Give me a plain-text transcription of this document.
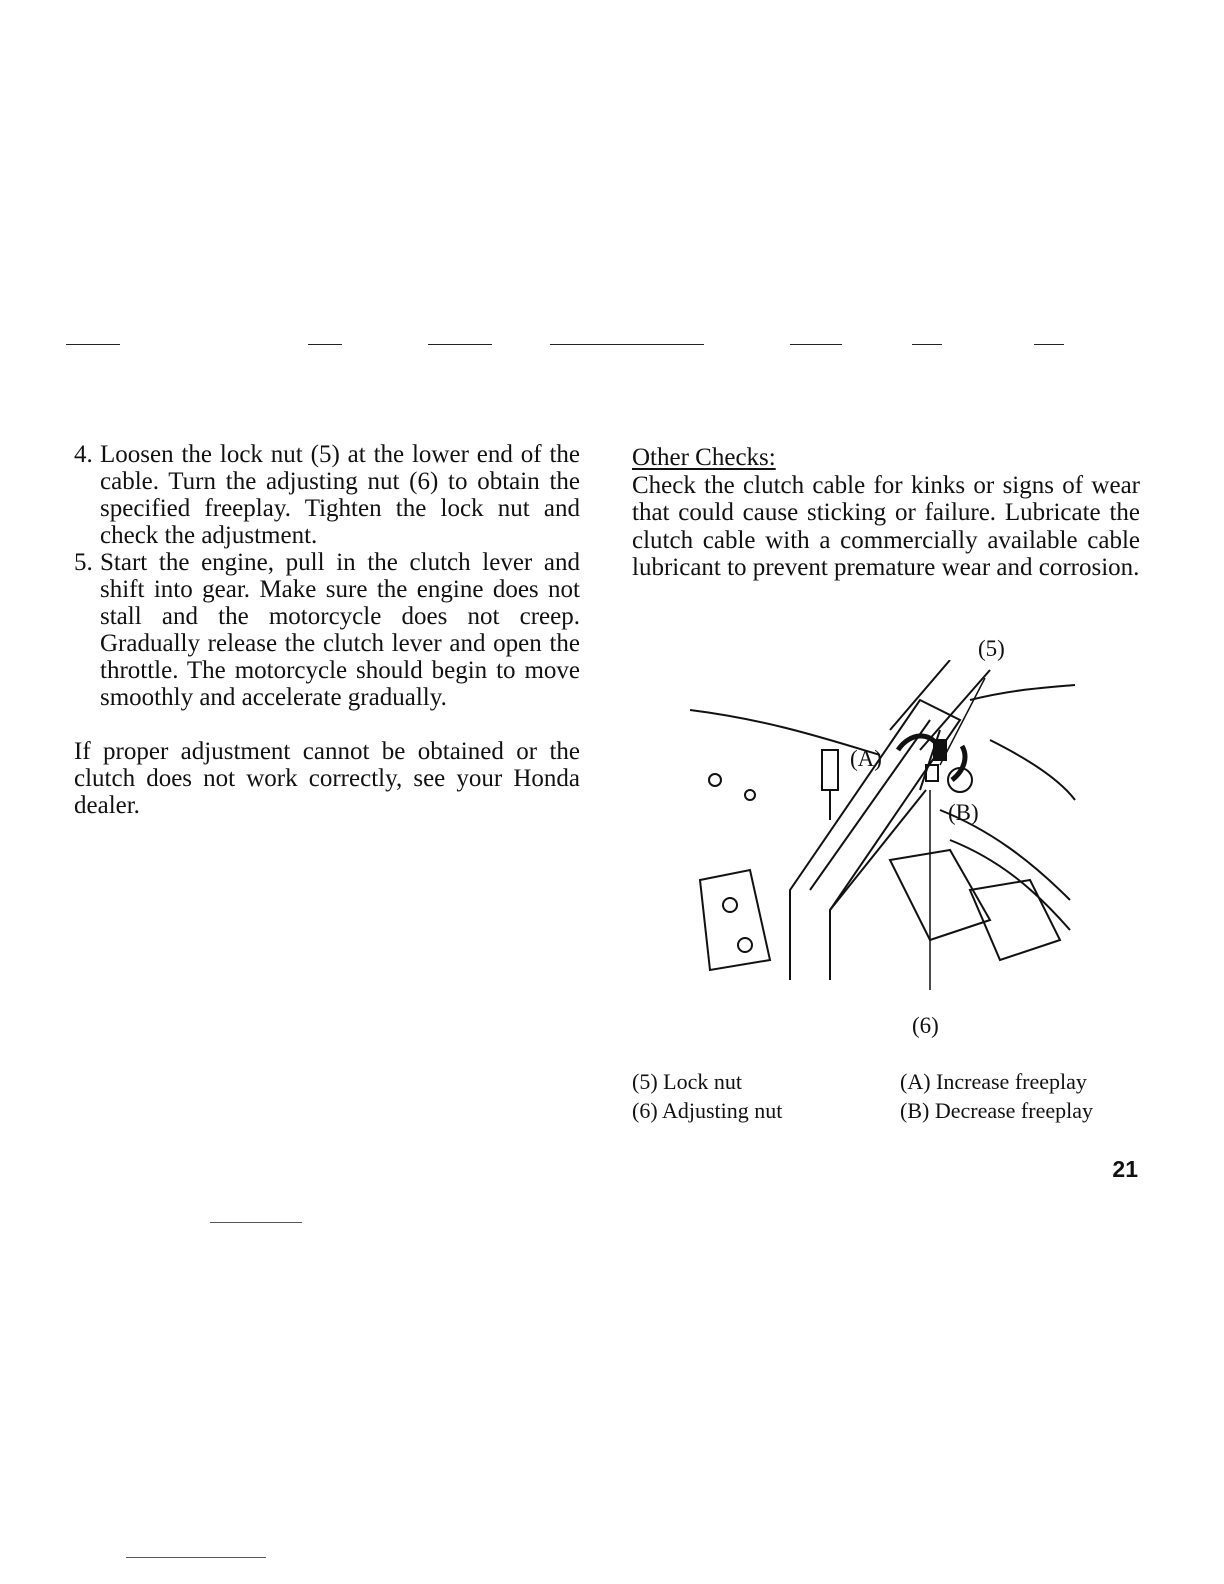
4. Loosen the lock nut (5) at the lower end of the cable. Turn the adjusting nut (6) to obtain the specified freeplay. Tighten the lock nut and check the adjustment.
5. Start the engine, pull in the clutch lever and shift into gear. Make sure the engine does not stall and the motorcycle does not creep. Gradually release the clutch lever and open the throttle. The motorcycle should begin to move smoothly and accelerate gradually.
If proper adjustment cannot be obtained or the clutch does not work correctly, see your Honda dealer.
Other Checks:
Check the clutch cable for kinks or signs of wear that could cause sticking or failure. Lubricate the clutch cable with a commercially available cable lubricant to prevent premature wear and corrosion.
(5)
(A)
(B)
(6)
(5) Lock nut
(6) Adjusting nut
(A) Increase freeplay
(B) Decrease freeplay
21
